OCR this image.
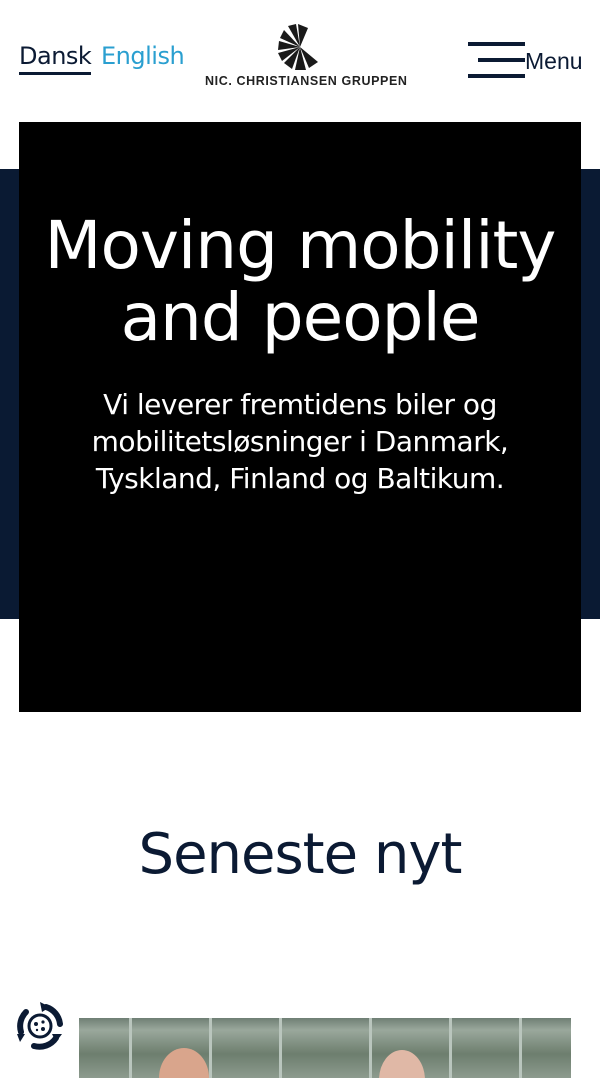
Dansk English
NIC. CHRISTIANSEN GRUPPEN
Menu
Moving mobility and people

Vi leverer fremtidens biler og mobilitetsløsninger i Danmark, Tyskland, Finland og Baltikum.

Seneste nyt
